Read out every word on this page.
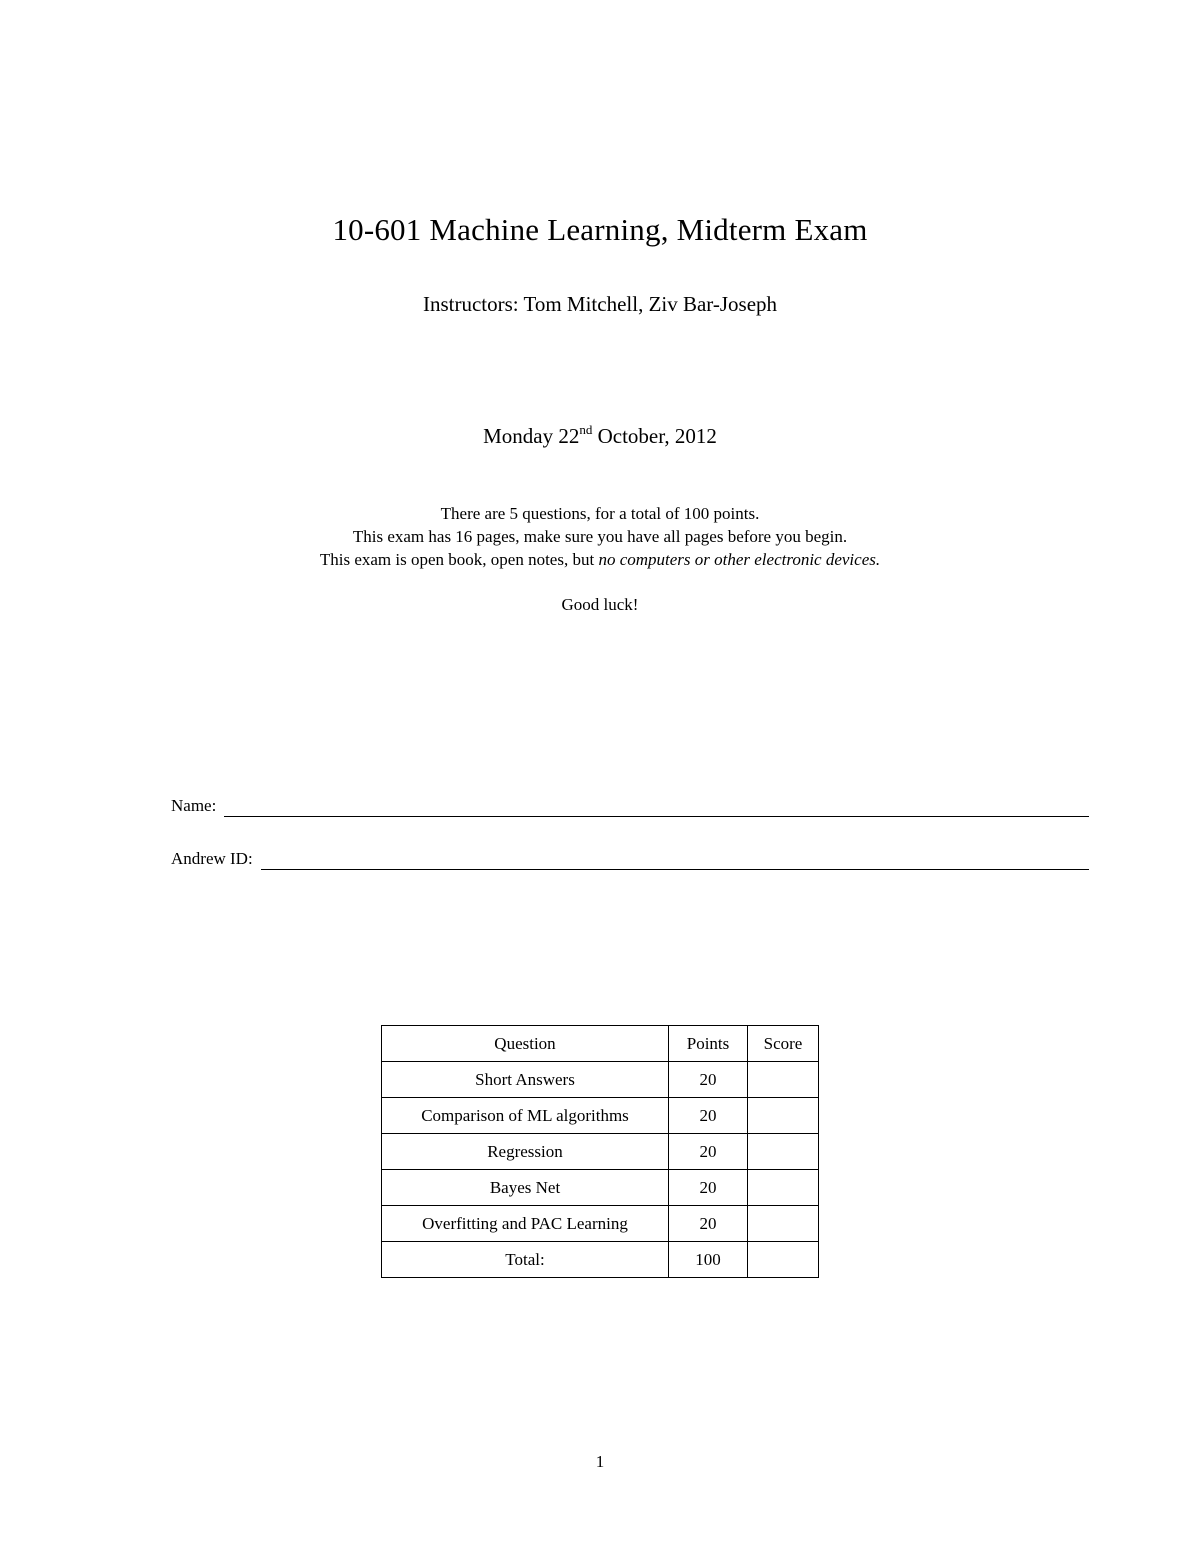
10-601 Machine Learning, Midterm Exam
Instructors: Tom Mitchell, Ziv Bar-Joseph
Monday 22nd October, 2012
There are 5 questions, for a total of 100 points.
This exam has 16 pages, make sure you have all pages before you begin.
This exam is open book, open notes, but no computers or other electronic devices.
Good luck!
Name:
Andrew ID:
Question	Points	Score
Short Answers	20	
Comparison of ML algorithms	20	
Regression	20	
Bayes Net	20	
Overfitting and PAC Learning	20	
Total:	100	
1
